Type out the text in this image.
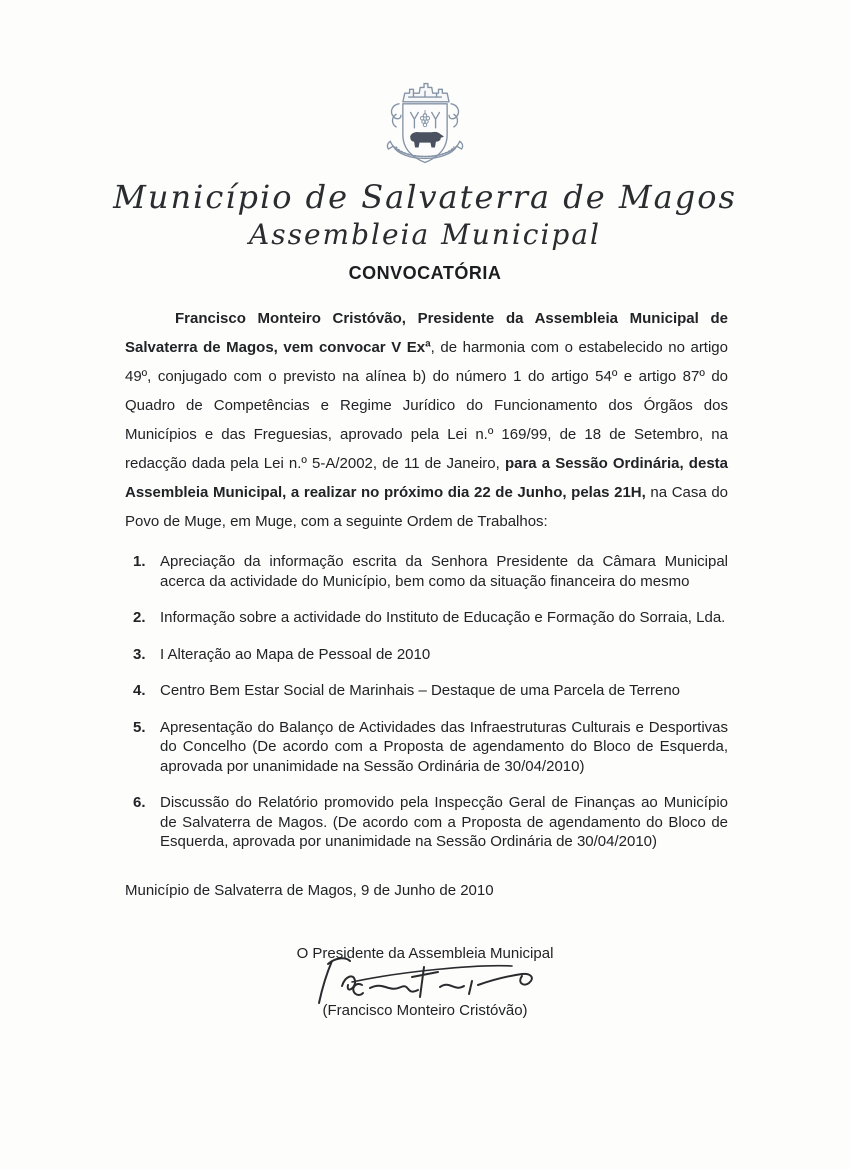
Município de Salvaterra de Magos
Assembleia Municipal
CONVOCATÓRIA

Francisco Monteiro Cristóvão, Presidente da Assembleia Municipal de Salvaterra de Magos, vem convocar V Exª, de harmonia com o estabelecido no artigo 49º, conjugado com o previsto na alínea b) do número 1 do artigo 54º e artigo 87º do Quadro de Competências e Regime Jurídico do Funcionamento dos Órgãos dos Municípios e das Freguesias, aprovado pela Lei n.º 169/99, de 18 de Setembro, na redacção dada pela Lei n.º 5-A/2002, de 11 de Janeiro, para a Sessão Ordinária, desta Assembleia Municipal, a realizar no próximo dia 22 de Junho, pelas 21H, na Casa do Povo de Muge, em Muge, com a seguinte Ordem de Trabalhos:

1. Apreciação da informação escrita da Senhora Presidente da Câmara Municipal acerca da actividade do Município, bem como da situação financeira do mesmo
2. Informação sobre a actividade do Instituto de Educação e Formação do Sorraia, Lda.
3. I Alteração ao Mapa de Pessoal de 2010
4. Centro Bem Estar Social de Marinhais – Destaque de uma Parcela de Terreno
5. Apresentação do Balanço de Actividades das Infraestruturas Culturais e Desportivas do Concelho (De acordo com a Proposta de agendamento do Bloco de Esquerda, aprovada por unanimidade na Sessão Ordinária de 30/04/2010)
6. Discussão do Relatório promovido pela Inspecção Geral de Finanças ao Município de Salvaterra de Magos. (De acordo com a Proposta de agendamento do Bloco de Esquerda, aprovada por unanimidade na Sessão Ordinária de 30/04/2010)
Município de Salvaterra de Magos, 9 de Junho de 2010
O Presidente da Assembleia Municipal
(Francisco Monteiro Cristóvão)
